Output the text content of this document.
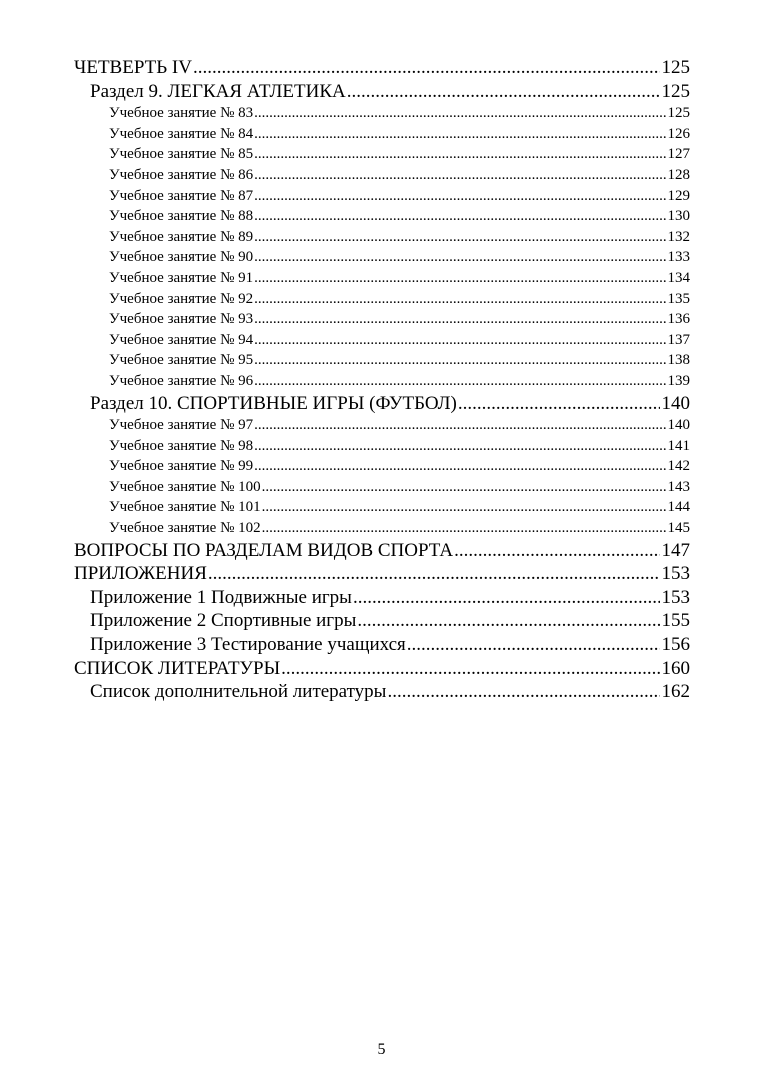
ЧЕТВЕРТЬ IV .....	125
Раздел 9. ЛЕГКАЯ АТЛЕТИКА .....	125
Учебное занятие № 83 .....	125
Учебное занятие № 84 .....	126
Учебное занятие № 85 .....	127
Учебное занятие № 86 .....	128
Учебное занятие № 87 .....	129
Учебное занятие № 88 .....	130
Учебное занятие № 89 .....	132
Учебное занятие № 90 .....	133
Учебное занятие № 91 .....	134
Учебное занятие № 92 .....	135
Учебное занятие № 93 .....	136
Учебное занятие № 94 .....	137
Учебное занятие № 95 .....	138
Учебное занятие № 96 .....	139
Раздел 10. СПОРТИВНЫЕ ИГРЫ (ФУТБОЛ) .....	140
Учебное занятие № 97 .....	140
Учебное занятие № 98 .....	141
Учебное занятие № 99 .....	142
Учебное занятие № 100 .....	143
Учебное занятие № 101 .....	144
Учебное занятие № 102 .....	145
ВОПРОСЫ ПО РАЗДЕЛАМ ВИДОВ СПОРТА .....	147
ПРИЛОЖЕНИЯ .....	153
Приложение 1 Подвижные игры .....	153
Приложение 2 Спортивные игры .....	155
Приложение 3 Тестирование учащихся .....	156
СПИСОК ЛИТЕРАТУРЫ .....	160
Список дополнительной литературы .....	162
5
